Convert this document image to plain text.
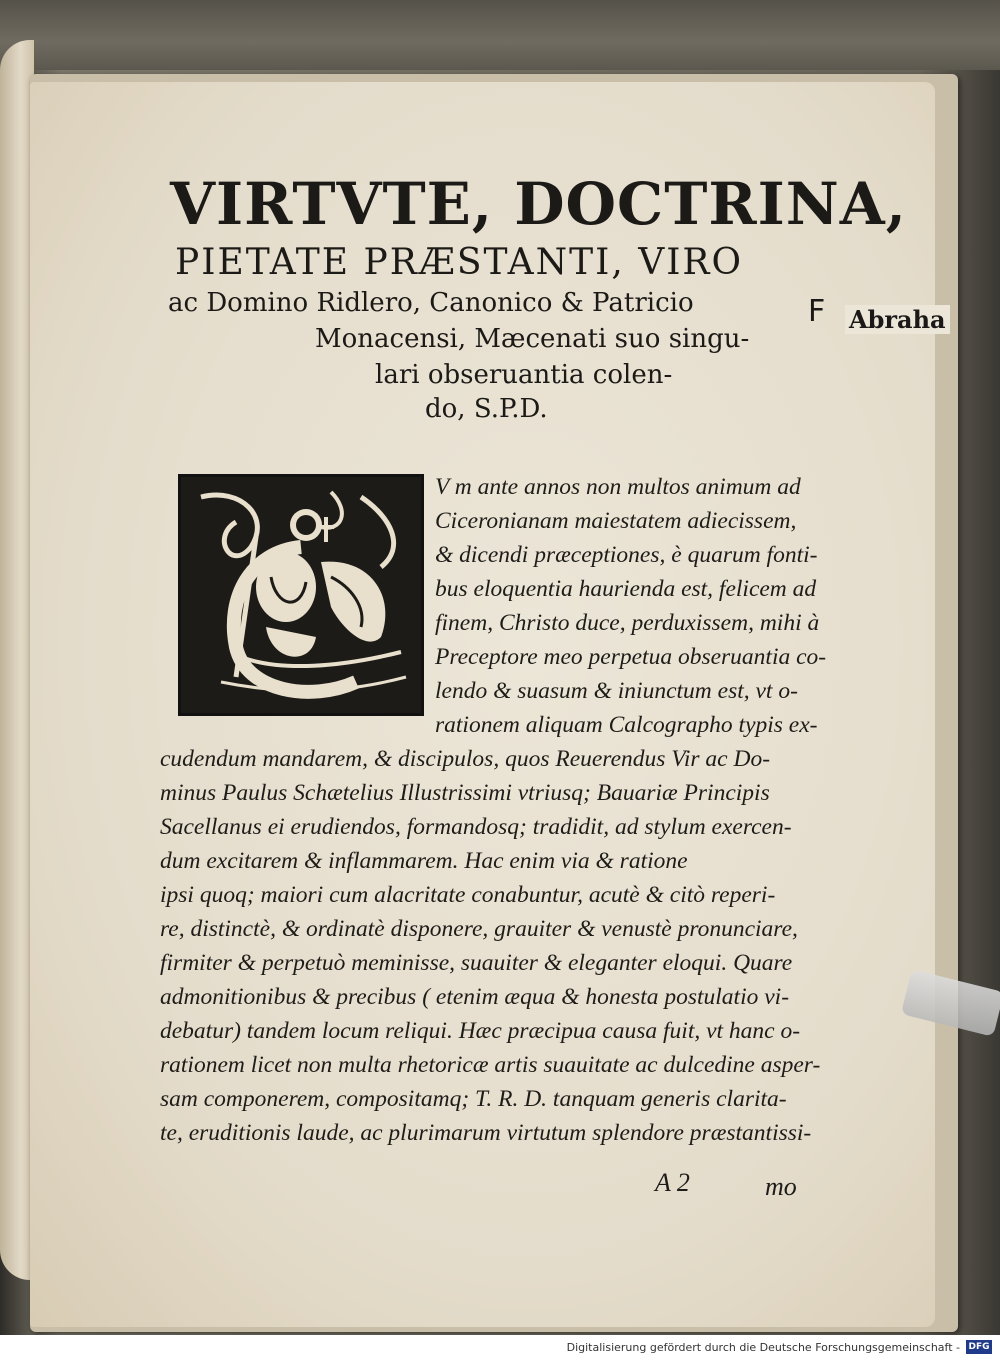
VIRTVTE, DOCTRINA,
PIETATE PRÆSTANTI, VIRO
ac Domino Ridlero, Canonico & Patricio
Monacensi, Mæcenati suo singu-
lari obseruantia colen-
do, S.P.D.
F Abraha
V m ante annos non multos animum ad
Ciceronianam maiestatem adiecissem,
& dicendi præceptiones, è quarum fonti-
bus eloquentia haurienda est, felicem ad
finem, Christo duce, perduxissem, mihi à
Preceptore meo perpetua obseruantia co-
lendo & suasum & iniunctum est, vt o-
rationem aliquam Calcographo typis ex-
cudendum mandarem, & discipulos, quos Reuerendus Vir ac Do-
minus Paulus Schætelius Illustrissimi vtriusq; Bauariæ Principis
Sacellanus ei erudiendos, formandosq; tradidit, ad stylum exercen-
dum excitarem & inflammarem. Hac enim via & ratione
ipsi quoq; maiori cum alacritate conabuntur, acutè & citò reperi-
re, distinctè, & ordinatè disponere, grauiter & venustè pronunciare,
firmiter & perpetuò meminisse, suauiter & eleganter eloqui. Quare
admonitionibus & precibus ( etenim æqua & honesta postulatio vi-
debatur) tandem locum reliqui. Hæc præcipua causa fuit, vt hanc o-
rationem licet non multa rhetoricæ artis suauitate ac dulcedine asper-
sam componerem, compositamq; T. R. D. tanquam generis clarita-
te, eruditionis laude, ac plurimarum virtutum splendore præstantissi-
A 2	mo
Digitalisierung gefördert durch die Deutsche Forschungsgemeinschaft - DFG
